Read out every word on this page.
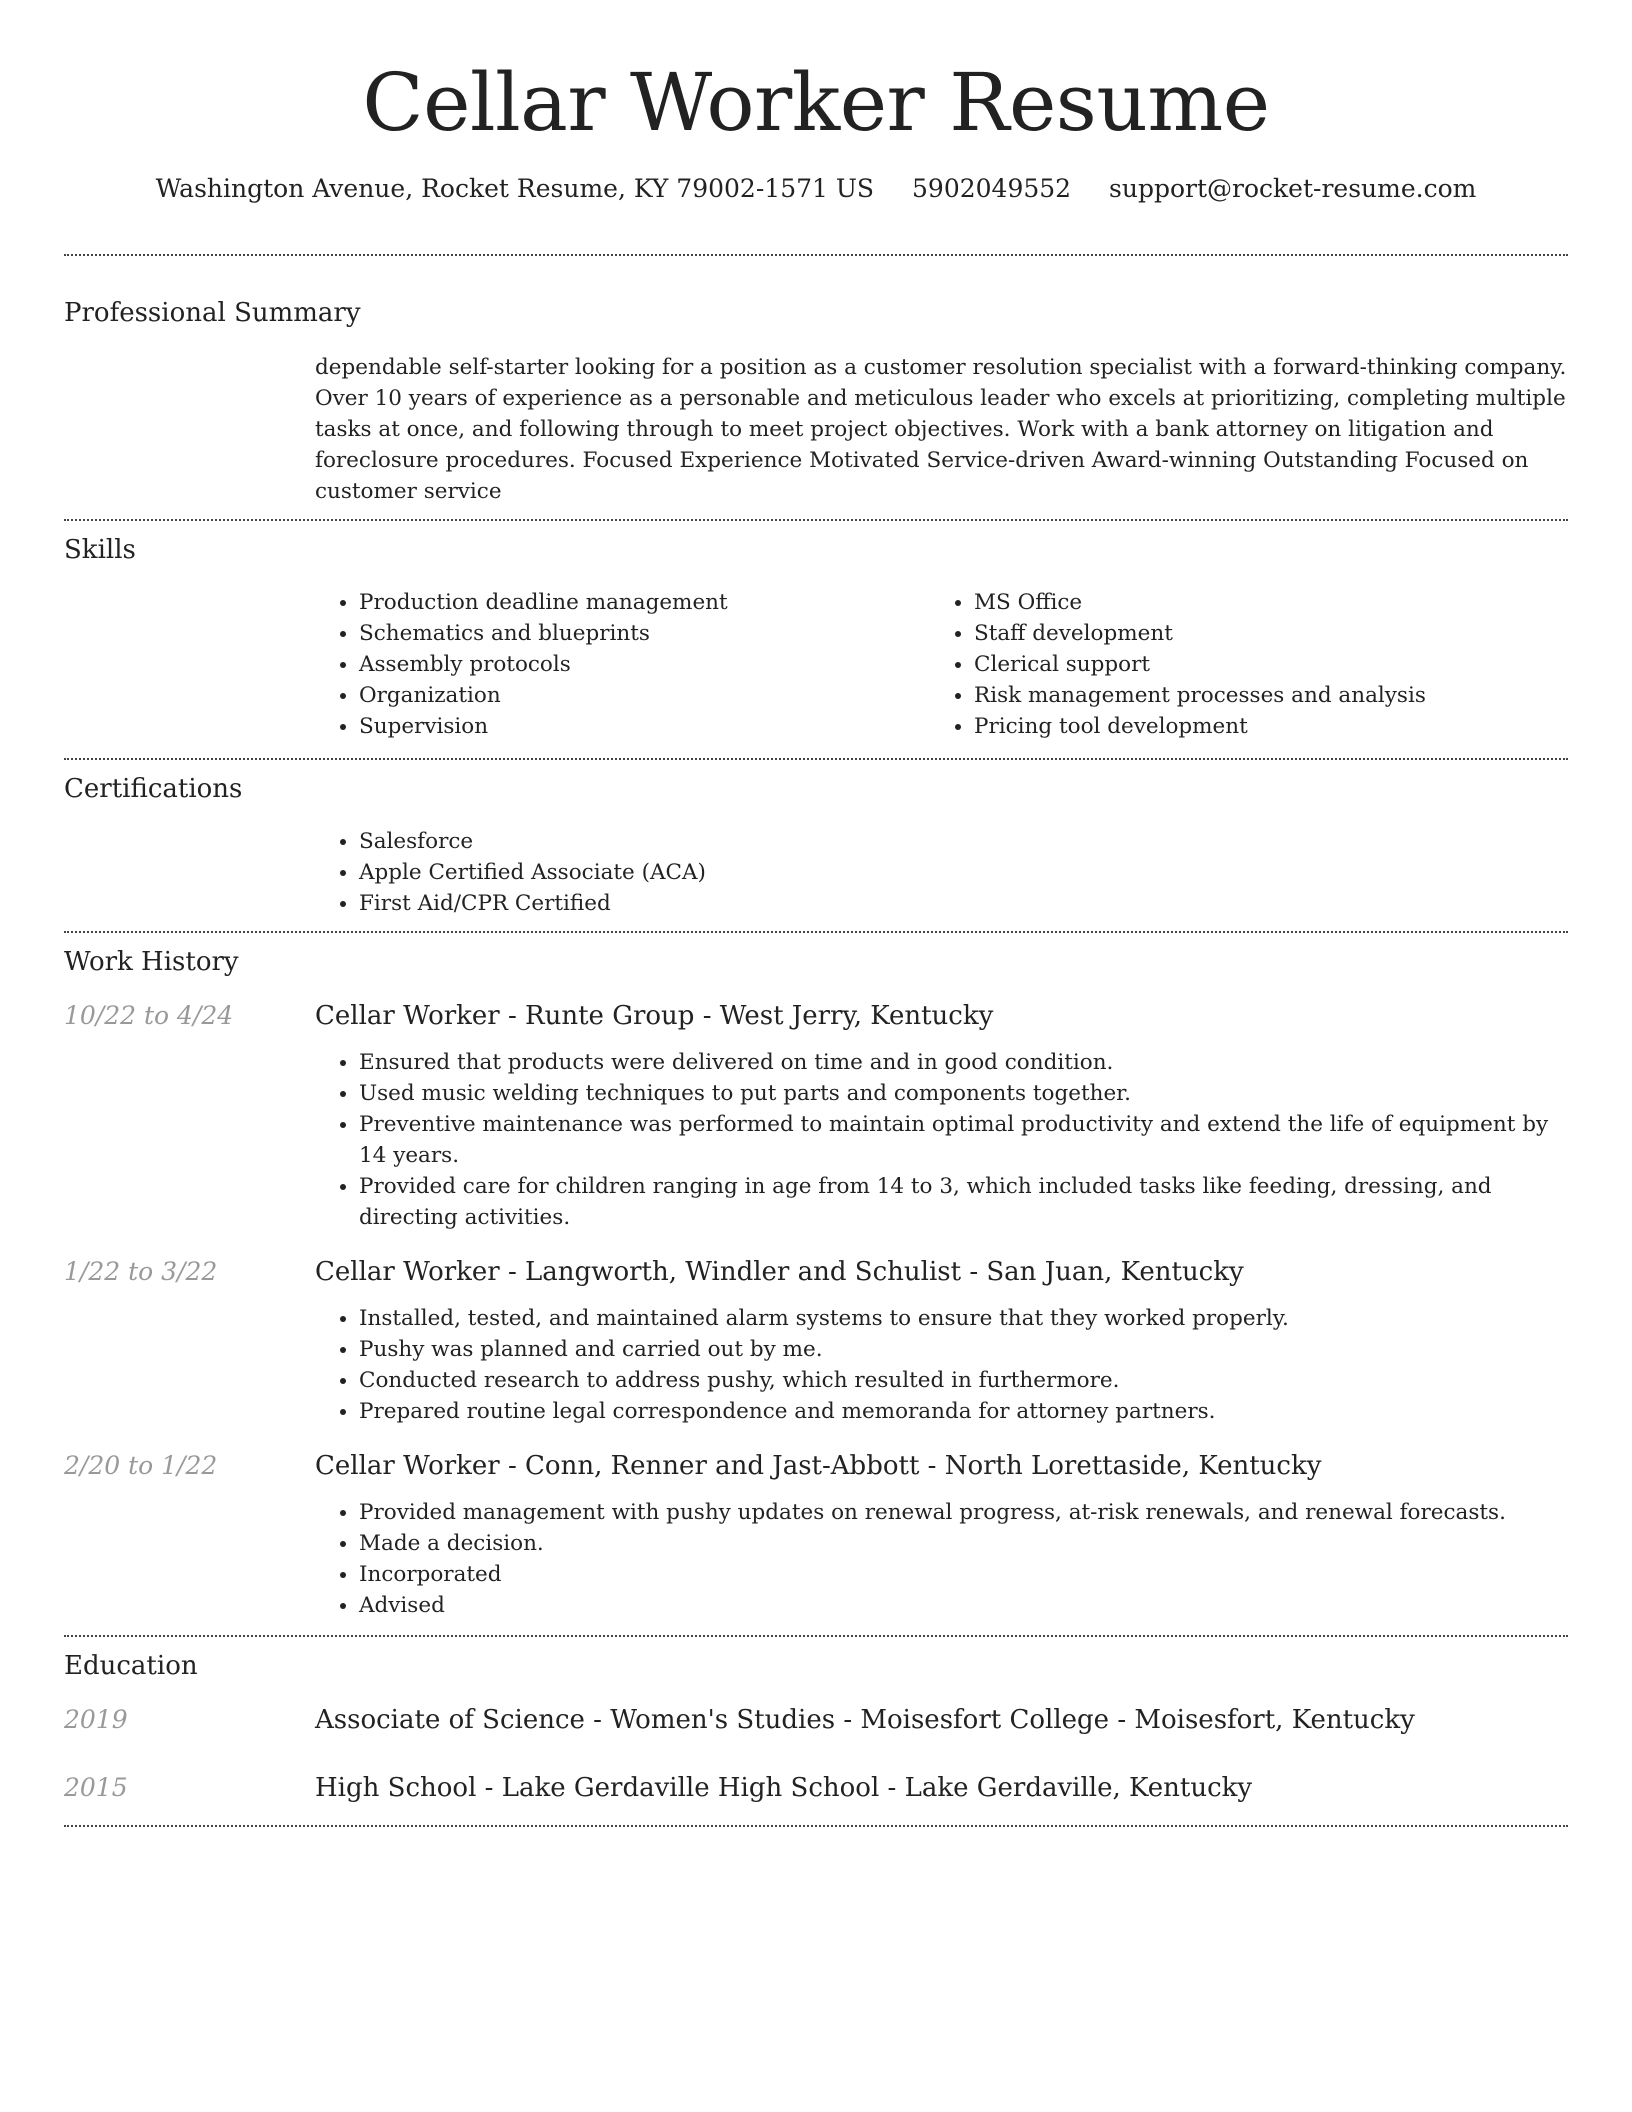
Cellar Worker Resume
Washington Avenue, Rocket Resume, KY 79002-1571 US 5902049552 support@rocket-resume.com
Professional Summary
dependable self-starter looking for a position as a customer resolution specialist with a forward-thinking company. Over 10 years of experience as a personable and meticulous leader who excels at prioritizing, completing multiple tasks at once, and following through to meet project objectives. Work with a bank attorney on litigation and foreclosure procedures. Focused Experience Motivated Service-driven Award-winning Outstanding Focused on customer service
Skills
• Production deadline management
• Schematics and blueprints
• Assembly protocols
• Organization
• Supervision
• MS Office
• Staff development
• Clerical support
• Risk management processes and analysis
• Pricing tool development
Certifications
• Salesforce
• Apple Certified Associate (ACA)
• First Aid/CPR Certified
Work History
10/22 to 4/24	Cellar Worker - Runte Group - West Jerry, Kentucky
• Ensured that products were delivered on time and in good condition.
• Used music welding techniques to put parts and components together.
• Preventive maintenance was performed to maintain optimal productivity and extend the life of equipment by 14 years.
• Provided care for children ranging in age from 14 to 3, which included tasks like feeding, dressing, and directing activities.
1/22 to 3/22	Cellar Worker - Langworth, Windler and Schulist - San Juan, Kentucky
• Installed, tested, and maintained alarm systems to ensure that they worked properly.
• Pushy was planned and carried out by me.
• Conducted research to address pushy, which resulted in furthermore.
• Prepared routine legal correspondence and memoranda for attorney partners.
2/20 to 1/22	Cellar Worker - Conn, Renner and Jast-Abbott - North Lorettaside, Kentucky
• Provided management with pushy updates on renewal progress, at-risk renewals, and renewal forecasts.
• Made a decision.
• Incorporated
• Advised
Education
2019	Associate of Science - Women's Studies - Moisesfort College - Moisesfort, Kentucky
2015	High School - Lake Gerdaville High School - Lake Gerdaville, Kentucky
